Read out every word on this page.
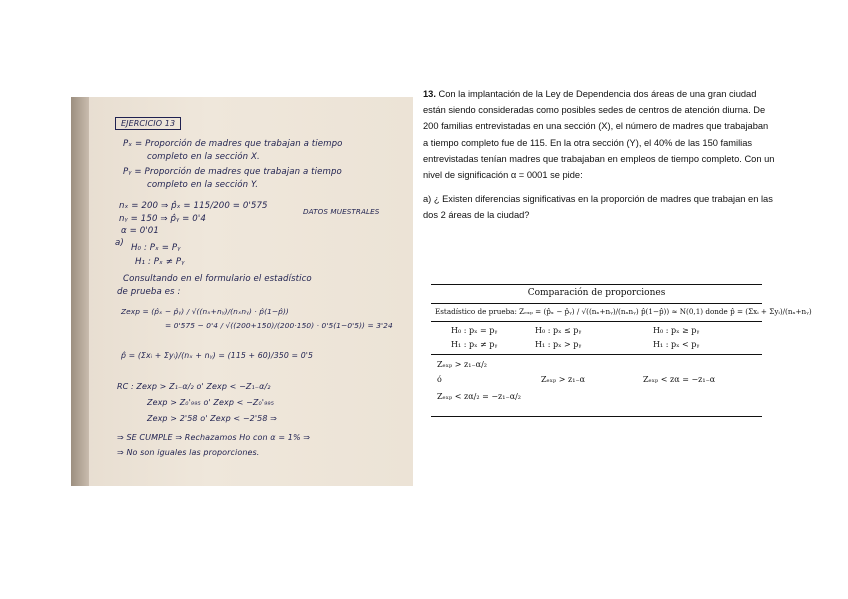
EJERCICIO 13
Pₓ = Proporción de madres que trabajan a tiempo
completo en la sección X.
Pᵧ = Proporción de madres que trabajan a tiempo
completo en la sección Y.
nₓ = 200 ⇒ p̂ₓ = 115/200 = 0'575
nᵧ = 150 ⇒ p̂ᵧ = 0'4
DATOS MUESTRALES
α = 0'01
a) H₀ : Pₓ = Pᵧ
H₁ : Pₓ ≠ Pᵧ
Consultando en el formulario el estadístico
de prueba es :
Zexp = (p̂ₓ − p̂ᵧ) / √((nₓ+nᵧ)/(nₓnᵧ) · p̂(1−p̂))
= 0'575 − 0'4 / √((200+150)/(200·150) · 0'5(1−0'5)) = 3'24
p̂ = (Σxᵢ + Σyᵢ)/(nₓ + nᵧ) = (115 + 60)/350 = 0'5
RC : Zexp > Z₁₋α/₂ o' Zexp < −Z₁₋α/₂
Zexp > Z₀'₉₉₅ o' Zexp < −Z₀'₉₉₅
Zexp > 2'58 o' Zexp < −2'58 ⇒
⇒ SE CUMPLE ⇒ Rechazamos Ho con α = 1% ⇒
⇒ No son iguales las proporciones.

13. Con la implantación de la Ley de Dependencia dos áreas de una gran ciudad están siendo consideradas como posibles sedes de centros de atención diurna. De 200 familias entrevistadas en una sección (X), el número de madres que trabajaban a tiempo completo fue de 115. En la otra sección (Y), el 40% de las 150 familias entrevistadas tenían madres que trabajaban en empleos de tiempo completo. Con un nivel de significación α = 0001 se pide:

a) ¿ Existen diferencias significativas en la proporción de madres que trabajan en las dos 2 áreas de la ciudad?

Comparación de proporciones
Estadístico de prueba: Zₑₓₚ = (p̂ₓ − p̂ᵧ) / √((nₓ+nᵧ)/(nₓnᵧ) p̂(1−p̂)) ≈ N(0,1) donde p̂ = (Σxᵢ + Σyᵢ)/(nₓ+nᵧ)
H₀ : pₓ = pᵧ	H₀ : pₓ ≤ pᵧ	H₀ : pₓ ≥ pᵧ
H₁ : pₓ ≠ pᵧ	H₁ : pₓ > pᵧ	H₁ : pₓ < pᵧ
Zₑₓₚ > z₁₋α/₂
ó	Zₑₓₚ > z₁₋α	Zₑₓₚ < zα = −z₁₋α
Zₑₓₚ < zα/₂ = −z₁₋α/₂
